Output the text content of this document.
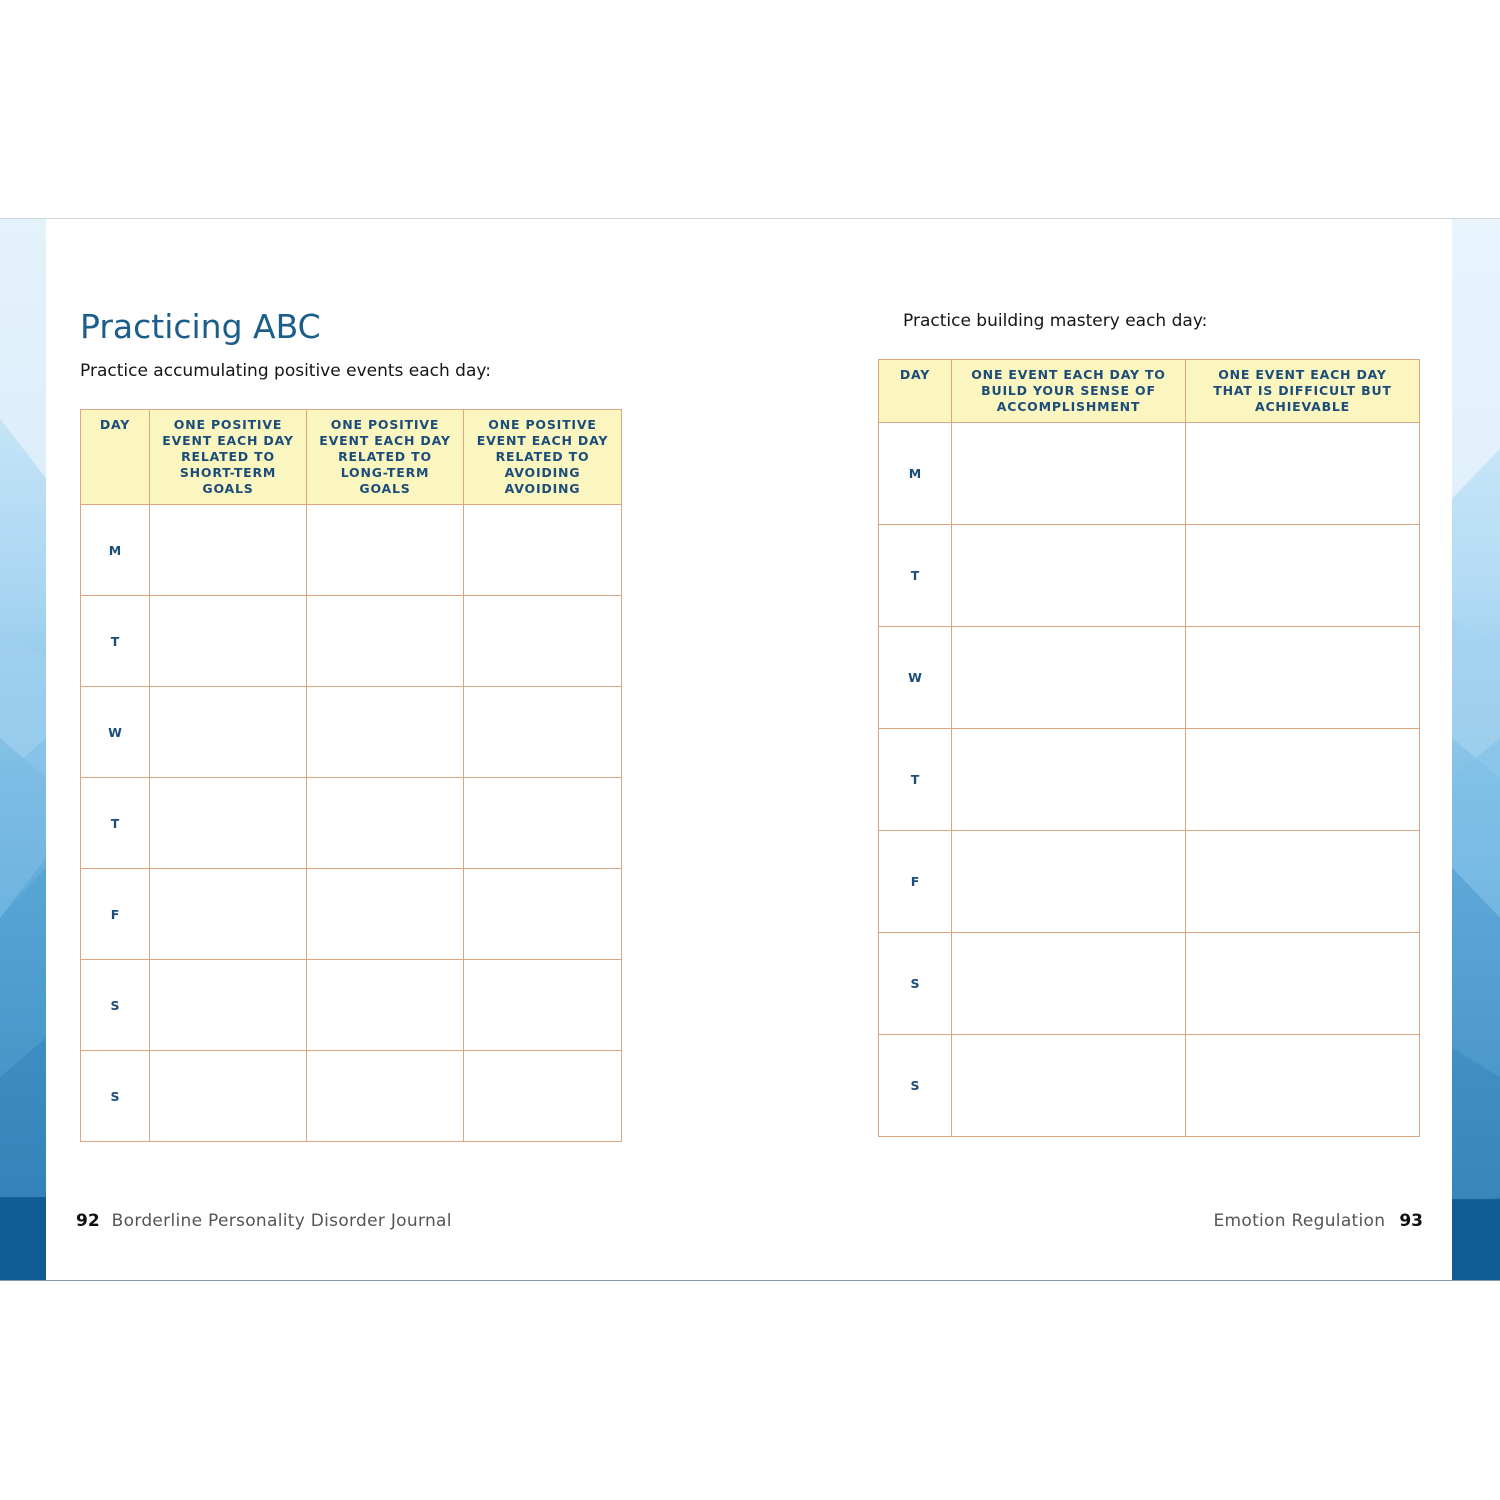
Practicing ABC

Practice accumulating positive events each day:

DAY	ONE POSITIVE EVENT EACH DAY RELATED TO SHORT-TERM GOALS	ONE POSITIVE EVENT EACH DAY RELATED TO LONG-TERM GOALS	ONE POSITIVE EVENT EACH DAY RELATED TO AVOIDING AVOIDING
M			
T			
W			
T			
F			
S			
S			
92 Borderline Personality Disorder Journal

Practice building mastery each day:

DAY	ONE EVENT EACH DAY TO BUILD YOUR SENSE OF ACCOMPLISHMENT	ONE EVENT EACH DAY THAT IS DIFFICULT BUT ACHIEVABLE
M		
T		
W		
T		
F		
S		
S		
Emotion Regulation 93
